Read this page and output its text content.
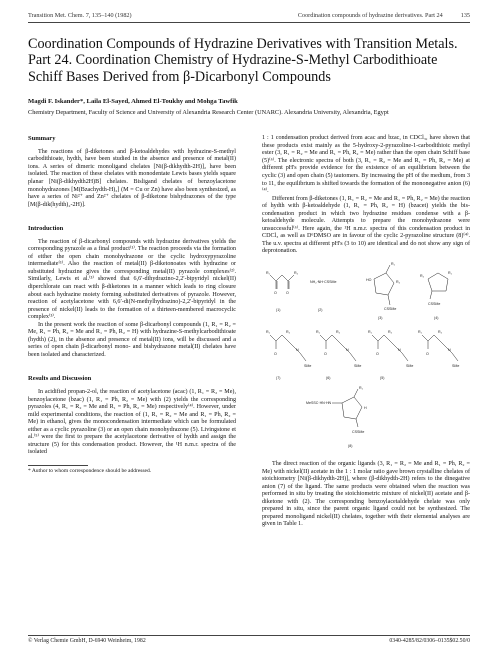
Transition Met. Chem. 7, 135–140 (1982)	Coordination compounds of hydrazine derivatives. Part 24	135
Coordination Compounds of Hydrazine Derivatives with Transition Metals. Part 24. Coordination Chemistry of Hydrazine-S-Methyl Carbodithioate Schiff Bases Derived from β-Dicarbonyl Compounds
Magdi F. Iskander*, Laila El-Sayed, Ahmed El-Toukhy and Mohga Tawfik
Chemistry Department, Faculty of Science and University of Alexandria Research Center (UNARC). Alexandria University, Alexandria, Egypt
Summary

The reactions of β-diketones and β-ketoaldehydes with hydrazine-S-methyl carbodithioate, hydth, have been studied in the absence and presence of metal(II) ions. A series of dimeric monoligand chelates [Ni(β-dikhydth-2H)]₂ have been isolated. The reaction of these chelates with monodentate Lewis bases yields square planar [Ni(β-dikhydth2H)B] chelates. Bisligand chelates of benzoylacetone monohydrazones [M(Bzachydth-H)₂] (M = Cu or Zn) have also been synthesized, as have a series of Ni²⁺ and Zn²⁺ chelates of β-diketone bishydrazones of the type [M(β-dik(hydth)₂-2H)].

Introduction

The reaction of β-dicarbonyl compounds with hydrazine derivatives yields the corresponding pyrazole as a final product⁽¹⁾. The reaction proceeds via the formation of either the open chain monohydrazone or the cyclic hydroxypyrazoline intermediate⁽¹⁾. Also the reaction of metal(II) β-diketonoates with hydrazine or substituted hydrazine gives the corresponding metal(II) pyrazole complexes⁽²⁾. Similarly, Lewis et al.⁽³⁾ showed that 6,6′-dihydrazino-2,2′-bipyridyl nickel(II) diperchlorate can react with β-diketones in a manner which leads to ring closure about each hydrazine moiety forming substituted derivatives of pyrazole. However, reaction of acetylacetone with 6,6′-di(N-methylhydrazino)-2,2′-bipyridyl in the presence of nickel(II) leads to the formation of a thirteen-membered macrocyclic complex⁽³⁾.

In the present work the reaction of some β-dicarbonyl compounds (1, R₁ = R₂ = Me, R₁ = Ph, R₂ = Me and R₁ = Ph, R₂ = H) with hydrazine-S-methylcarbodithioate (hydth) (2), in the absence and presence of metal(II) ions, will be discussed and a series of open chain β-dicarbonyl mono- and bishydrazone metal(II) chelates have been isolated and characterized.

Results and Discussion

In acidified propan-2-ol, the reaction of acetylacetone (acac) (1, R₁ = R₂ = Me), benzoylacetone (bzac) (1, R₁ = Ph, R₂ = Me) with (2) yields the corresponding pyrazoles (4, R₁ = R₂ = Me and R₁ = Ph, R₂ = Me) respectively⁽⁴⁾. However, under mild experimental conditions, the reaction of (1, R₁ = R₂ = Me and R₁ = Ph, R₂ = Me) in ethanol, gives the monocondensation intermediate which can be formulated either as a cyclic pyrazoline (3) or an open chain monohydrazone (5). Livingstone et al.⁽⁵⁾ were the first to prepare the acetylacetone derivative of hydth and assign the structure (5) for this condensation product. However, the ¹H n.m.r. spectra of the isolated

* Author to whom correspondence should be addressed.

1 : 1 condensation product derived from acac and bzac, in CDCl₃, have shown that these products exist mainly as the 5-hydroxy-2-pyrazoline-1-carbodithioic methyl ester (3, R₁ = R₂ = Me and R₁ = Ph, R₂ = Me) rather than the open chain Schiff base (5)⁽⁶⁾. The electronic spectra of both (3, R₁ = R₂ = Me and R₁ = Ph, R₂ = Me) at different pH's provide evidence for the existence of an equilibrium between the cyclic (3) and open chain (5) tautomers. By increasing the pH of the medium, from 3 to 11, the equilibrium is shifted towards the formation of the mononegative anion (6)⁽⁴⁾.

Different from β-diketones (1, R₁ = R₂ = Me and R₁ = Ph, R₂ = Me) the reaction of hydth with β-ketoaldehyde (1, R₁ = Ph, R₂ = H) (bzacet) yields the bis-condensation product in which two hydrazine residues condense with a β-ketoaldehyde molecule. Attempts to prepare the monohydrazone were unsuccessful⁽⁶⁾. Here again, the ¹H n.m.r. spectra of this condensation product in CDCl₃ as well as D⁶DMSO are in favour of the cyclic 2-pyrazoline structure (8)⁽⁴⁾. The u.v. spectra at different pH's (3 to 10) are identical and do not show any sign of deprotonation.

R₁	R₂
O	O
(1)
NH₂·NH·CSSMe
(2)
HO
R₁
R₂
CSSMe
(3)
R₁
R₂
CSSMe
(4)
R₁	R₂
O
N
SMe
(7)
R₁	R₂
O
N
SMe
(6)
R₁	R₂
O
N
SMe
(5)
R₁	R₂
O
N
SMe
MeSSC·HN·HN
R₁
H
CSSMe
(8)

The direct reaction of the organic ligands (3, R₁ = R₂ = Me and R₁ = Ph, R₂ = Me) with nickel(II) acetate in the 1 : 1 molar ratio gave brown crystalline chelates of stoichiometry [Ni(β-dikhydth-2H)], where (β-dikhydth-2H) refers to the dinegative anion (7) of the ligand. The same products were obtained when the reaction was performed in situ by treating the stoichiometric mixture of nickel(II) acetate and β-diketone with (2). The corresponding benzoylacetaldehyde chelate was only prepared in situ, since the parent organic ligand could not be synthesized. The prepared monoligand nickel(II) chelates, together with their elemental analyses are given in Table 1.

© Verlag Chemie GmbH, D-6940 Weinheim, 1982	0340-4285/82/0306–0135$02.50/0
